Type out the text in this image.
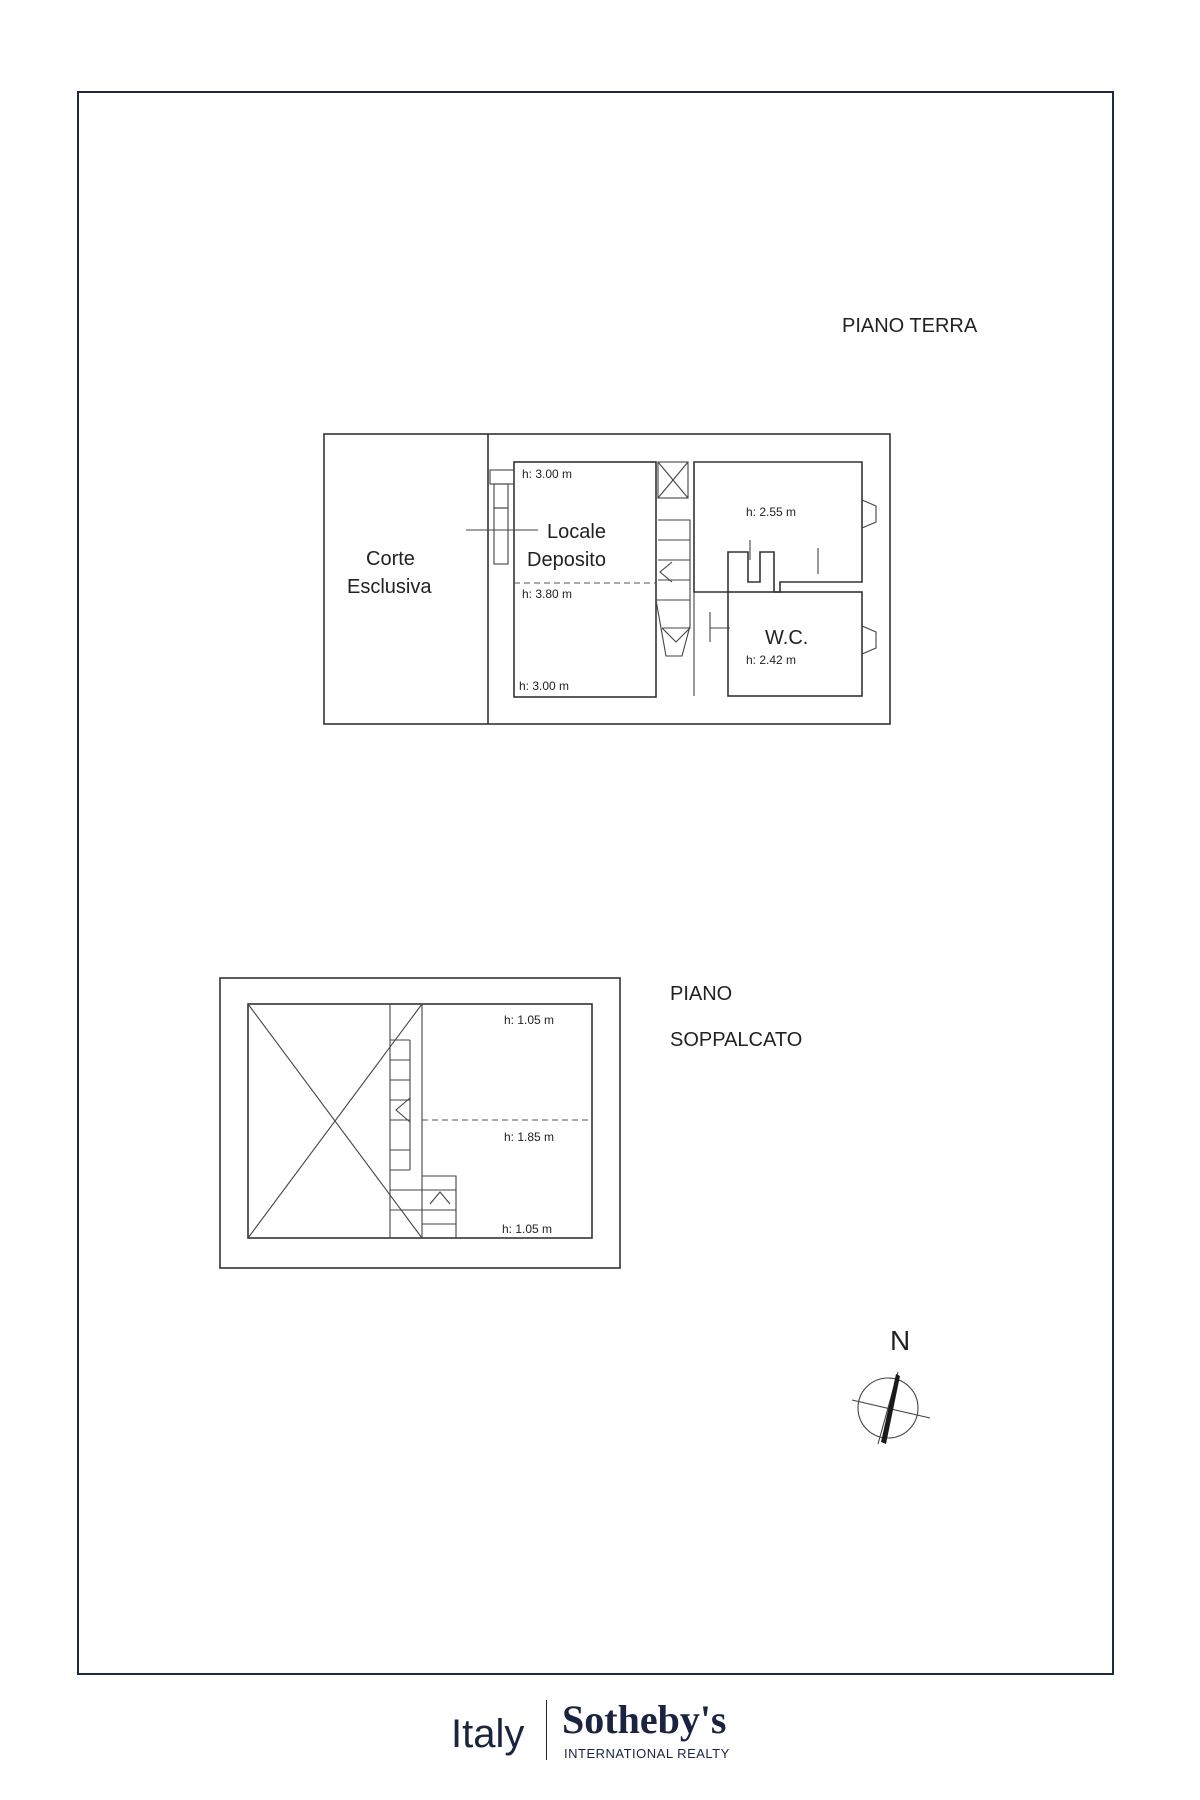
PIANO TERRA
Corte
Esclusiva
Locale
Deposito
W.C.
h: 3.00 m
h: 3.80 m
h: 3.00 m
h: 2.55 m
h: 2.42 m
h: 1.05 m
h: 1.85 m
h: 1.05 m
PIANO
SOPPALCATO
N
Italy Sotheby's
INTERNATIONAL REALTY
